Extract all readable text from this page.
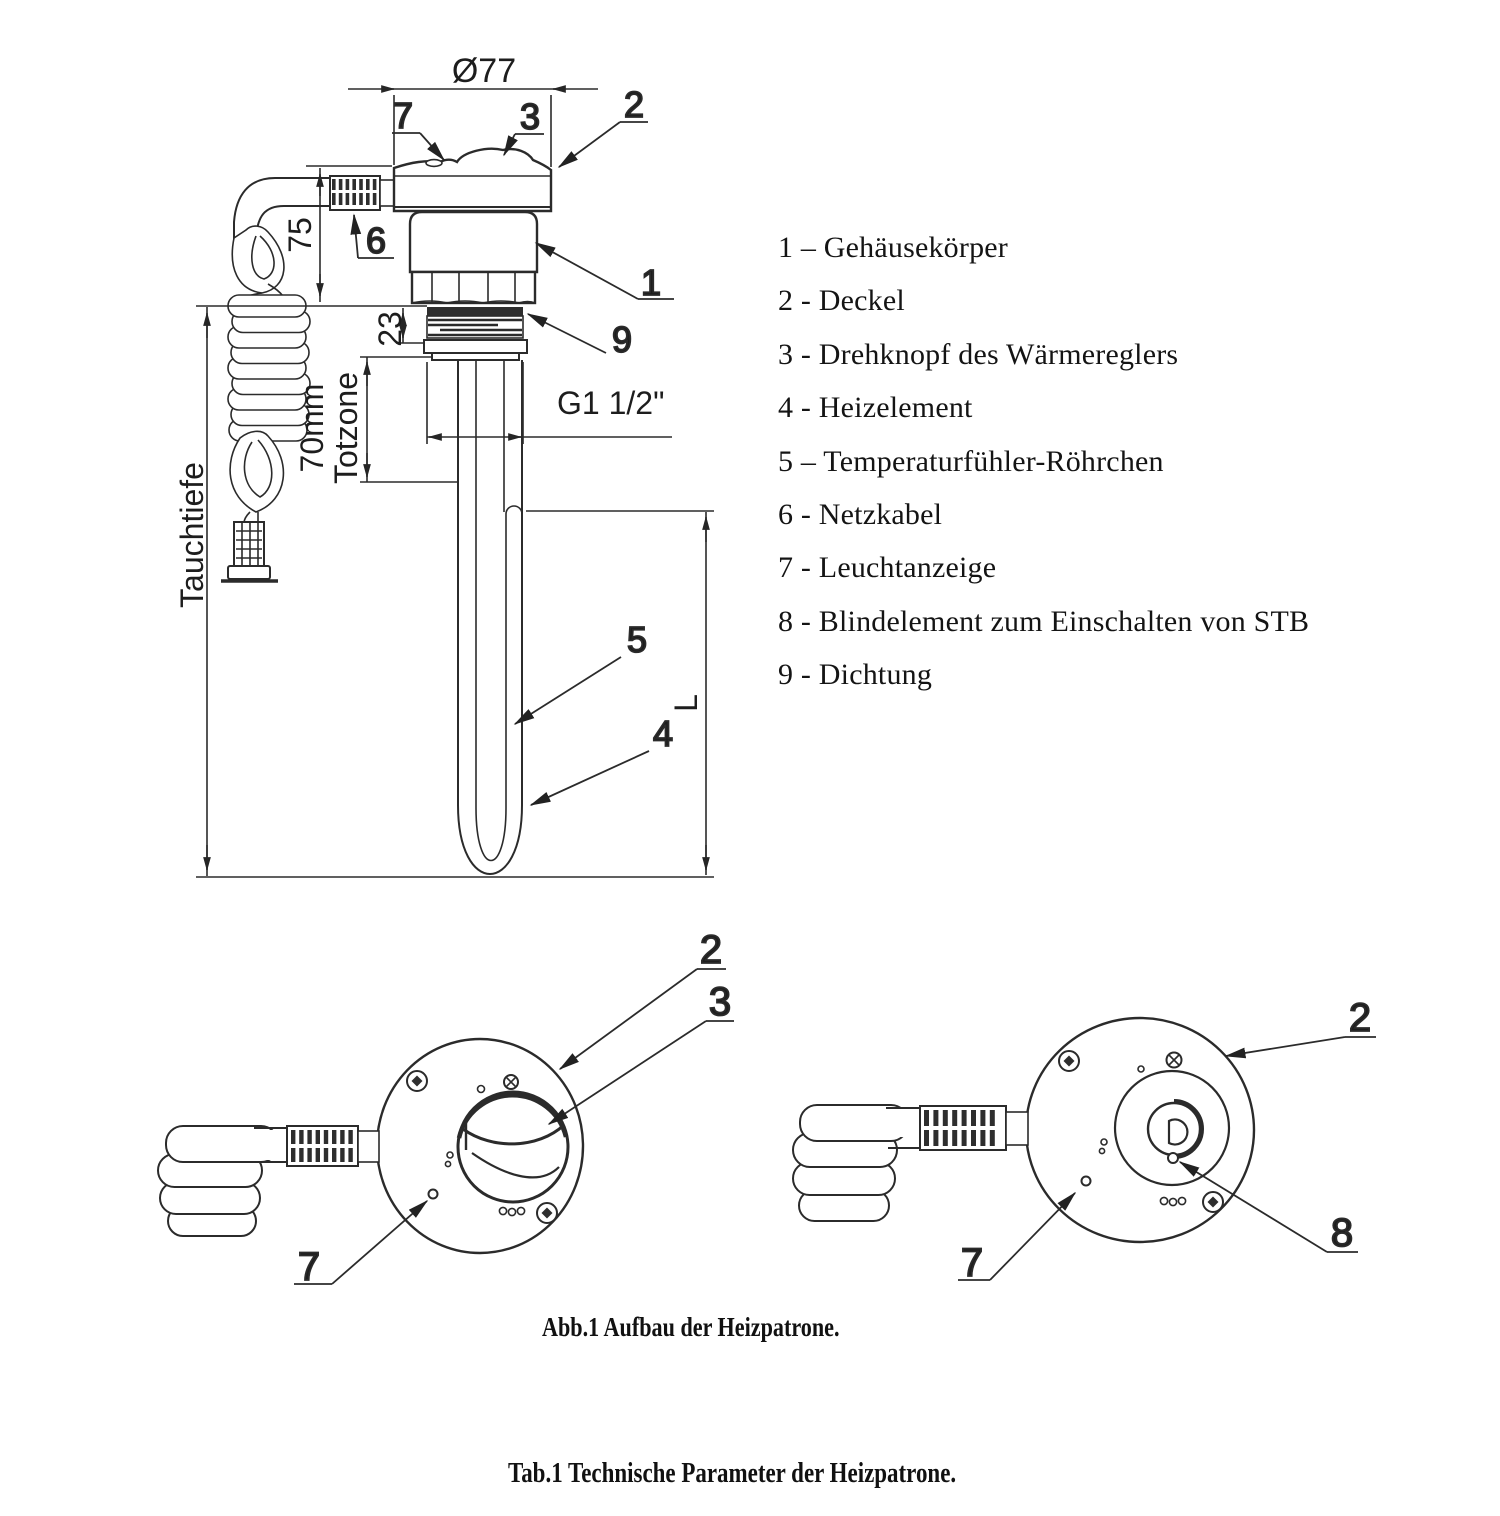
Ø77
75
Tauchtiefe
23
70mm
Totzone	G1 1/2"
L
7	3 2
6
1
9
5
4
2
3
7
2
8
7
1 – Gehäusekörper
2 - Deckel
3 - Drehknopf des Wärmereglers
4 - Heizelement
5 – Temperaturfühler-Röhrchen
6 - Netzkabel
7 - Leuchtanzeige
8 - Blindelement zum Einschalten von STB
9 - Dichtung
Abb.1 Aufbau der Heizpatrone.
Tab.1 Technische Parameter der Heizpatrone.
